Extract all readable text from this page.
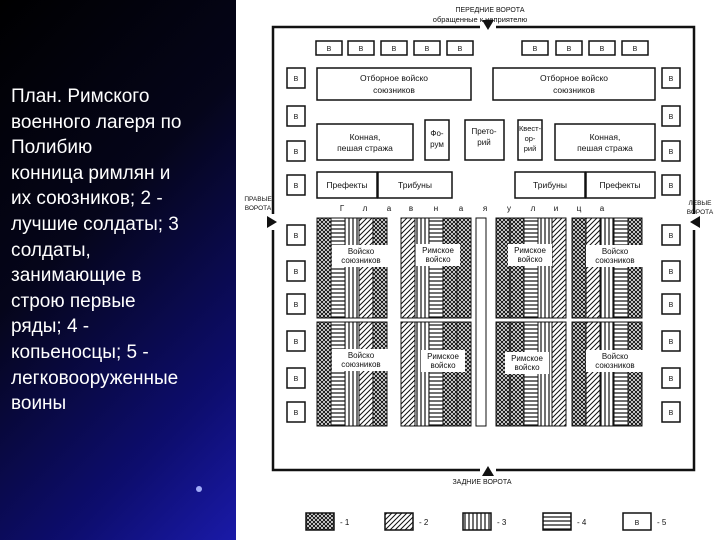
План. Римского
военного лагеря по
Полибию
конница римлян и
их союзников; 2 -
лучшие солдаты; 3
солдаты,
занимающие в
строю первые
ряды; 4 -
копьеносцы; 5 -
легковооруженные
воины

ПЕРЕДНИЕ ВОРОТА
обращенные к неприятелю
ПРАВЫЕ
ВОРОТА
ЛЕВЫЕ
ВОРОТА
ЗАДНИЕ ВОРОТА
В	В	В	В	В	В	В	В	В
В	В
В	В
В	В
В	В
В	В
В	В
В	В
В	В
В	В
В	В
Отборное войско
союзников
Отборное войско
союзников
Конная,
пешая стража
Конная,
пешая стража
Фо-
рум
Прето-
рий
Квест-
ор-
рий
Префекты	Трибуны	Трибуны	Префекты
Г л а в	н	а я у л и ц а
Войско
союзников
Римское
войско
Римское
войско
Войско
союзников
Войско
союзников
Римское
войско
Римское
войско
Войско
союзников
- 1	- 2	- 3	- 4	В - 5
